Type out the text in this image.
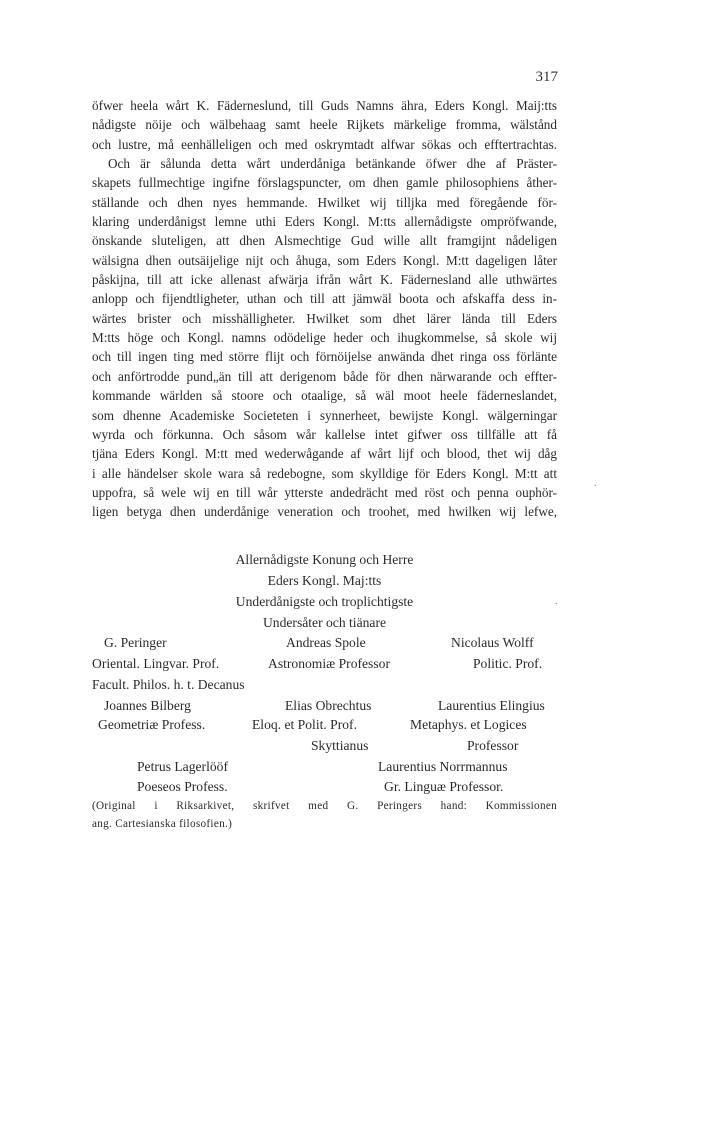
317
öfwer heela wårt K. Fäderneslund, till Guds Namns ähra, Eders Kongl. Maij:tts
nådigste nöije och wälbehaag samt heele Rijkets märkelige fromma, wälstånd
och lustre, må eenhälleligen och med oskrymtadt alfwar sökas och efftertrachtas.
Och är sålunda detta wårt underdåniga betänkande öfwer dhe af Präster-
skapets fullmechtige ingifne förslagspuncter, om dhen gamle philosophiens åther-
ställande och dhen nyes hemmande. Hwilket wij tilljka med föregående för-
klaring underdånigst lemne uthi Eders Kongl. M:tts allernådigste ompröfwande,
önskande sluteligen, att dhen Alsmechtige Gud wille allt framgijnt nådeligen
wälsigna dhen outsäijelige nijt och åhuga, som Eders Kongl. M:tt dageligen låter
påskijna, till att icke allenast afwärja ifrån wårt K. Fädernesland alle uthwärtes
anlopp och fijendtligheter, uthan och till att jämwäl boota och afskaffa dess in-
wärtes brister och misshälligheter. Hwilket som dhet lärer lända till Eders
M:tts höge och Kongl. namns odödelige heder och ihugkommelse, så skole wij
och till ingen ting med större flijt och förnöijelse anwända dhet ringa oss förlänte
och anförtrodde pund„än till att derigenom både för dhen närwarande och effter-
kommande wärlden så stoore och otaalige, så wäl moot heele fäderneslandet,
som dhenne Academiske Societeten i synnerheet, bewijste Kongl. wälgerningar
wyrda och förkunna. Och såsom wår kallelse intet gifwer oss tillfälle att få
tjäna Eders Kongl. M:tt med wederwågande af wårt lijf och blood, thet wij dåg
i alle händelser skole wara så redebogne, som skylldige för Eders Kongl. M:tt att
uppofra, så wele wij en till wår ytterste andedrächt med röst och penna ouphör-
ligen betyga dhen underdånige veneration och troohet, med hwilken wij lefwe,
.
.
Allernådigste Konung och Herre
Eders Kongl. Maj:tts
Underdånigste och troplichtigste
Undersåter och tiänare
G. Peringer
Oriental. Lingvar. Prof.
Facult. Philos. h. t. Decanus
Andreas Spole
Astronomiæ Professor
Nicolaus Wolff
Politic. Prof.
Joannes Bilberg
Geometriæ Profess.
Elias Obrechtus
Eloq. et Polit. Prof.
Skyttianus
Laurentius Elingius
Metaphys. et Logices
Professor
Petrus Lagerlööf
Poeseos Profess.
Laurentius Norrmannus
Gr. Linguæ Professor.
(Original i Riksarkivet, skrifvet med G. Peringers hand: Kommissionen
ang. Cartesianska filosofien.)
